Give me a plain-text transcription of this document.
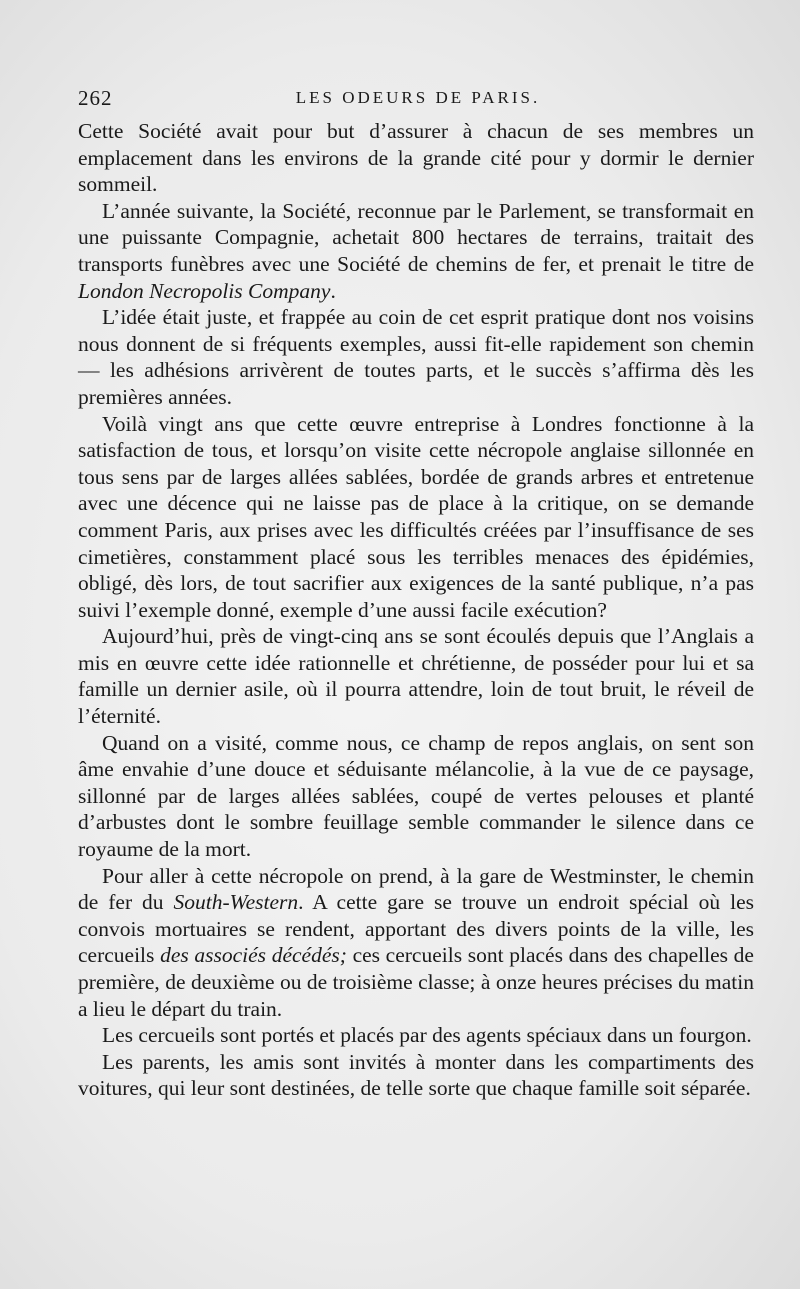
262	LES ODEURS DE PARIS.

Cette Société avait pour but d’assurer à chacun de ses membres un emplacement dans les environs de la grande cité pour y dormir le dernier sommeil.

L’année suivante, la Société, reconnue par le Parlement, se transformait en une puissante Compagnie, achetait 800 hectares de terrains, traitait des transports funèbres avec une Société de chemins de fer, et prenait le titre de London Necropolis Company.

L’idée était juste, et frappée au coin de cet esprit pratique dont nos voisins nous donnent de si fréquents exemples, aussi fit-elle rapidement son chemin — les adhésions arrivèrent de toutes parts, et le succès s’affirma dès les premières années.

Voilà vingt ans que cette œuvre entreprise à Londres fonctionne à la satisfaction de tous, et lorsqu’on visite cette nécropole anglaise sillonnée en tous sens par de larges allées sablées, bordée de grands arbres et entretenue avec une décence qui ne laisse pas de place à la critique, on se demande comment Paris, aux prises avec les difficultés créées par l’insuffisance de ses cimetières, constamment placé sous les terribles menaces des épidémies, obligé, dès lors, de tout sacrifier aux exigences de la santé publique, n’a pas suivi l’exemple donné, exemple d’une aussi facile exécution?

Aujourd’hui, près de vingt-cinq ans se sont écoulés depuis que l’Anglais a mis en œuvre cette idée rationnelle et chrétienne, de posséder pour lui et sa famille un dernier asile, où il pourra attendre, loin de tout bruit, le réveil de l’éternité.

Quand on a visité, comme nous, ce champ de repos anglais, on sent son âme envahie d’une douce et séduisante mélancolie, à la vue de ce paysage, sillonné par de larges allées sablées, coupé de vertes pelouses et planté d’arbustes dont le sombre feuillage semble commander le silence dans ce royaume de la mort.

Pour aller à cette nécropole on prend, à la gare de Westminster, le chemin de fer du South-Western. A cette gare se trouve un endroit spécial où les convois mortuaires se rendent, apportant des divers points de la ville, les cercueils des associés décédés; ces cercueils sont placés dans des chapelles de première, de deuxième ou de troisième classe; à onze heures précises du matin a lieu le départ du train.

Les cercueils sont portés et placés par des agents spéciaux dans un fourgon.

Les parents, les amis sont invités à monter dans les compartiments des voitures, qui leur sont destinées, de telle sorte que chaque famille soit séparée.
